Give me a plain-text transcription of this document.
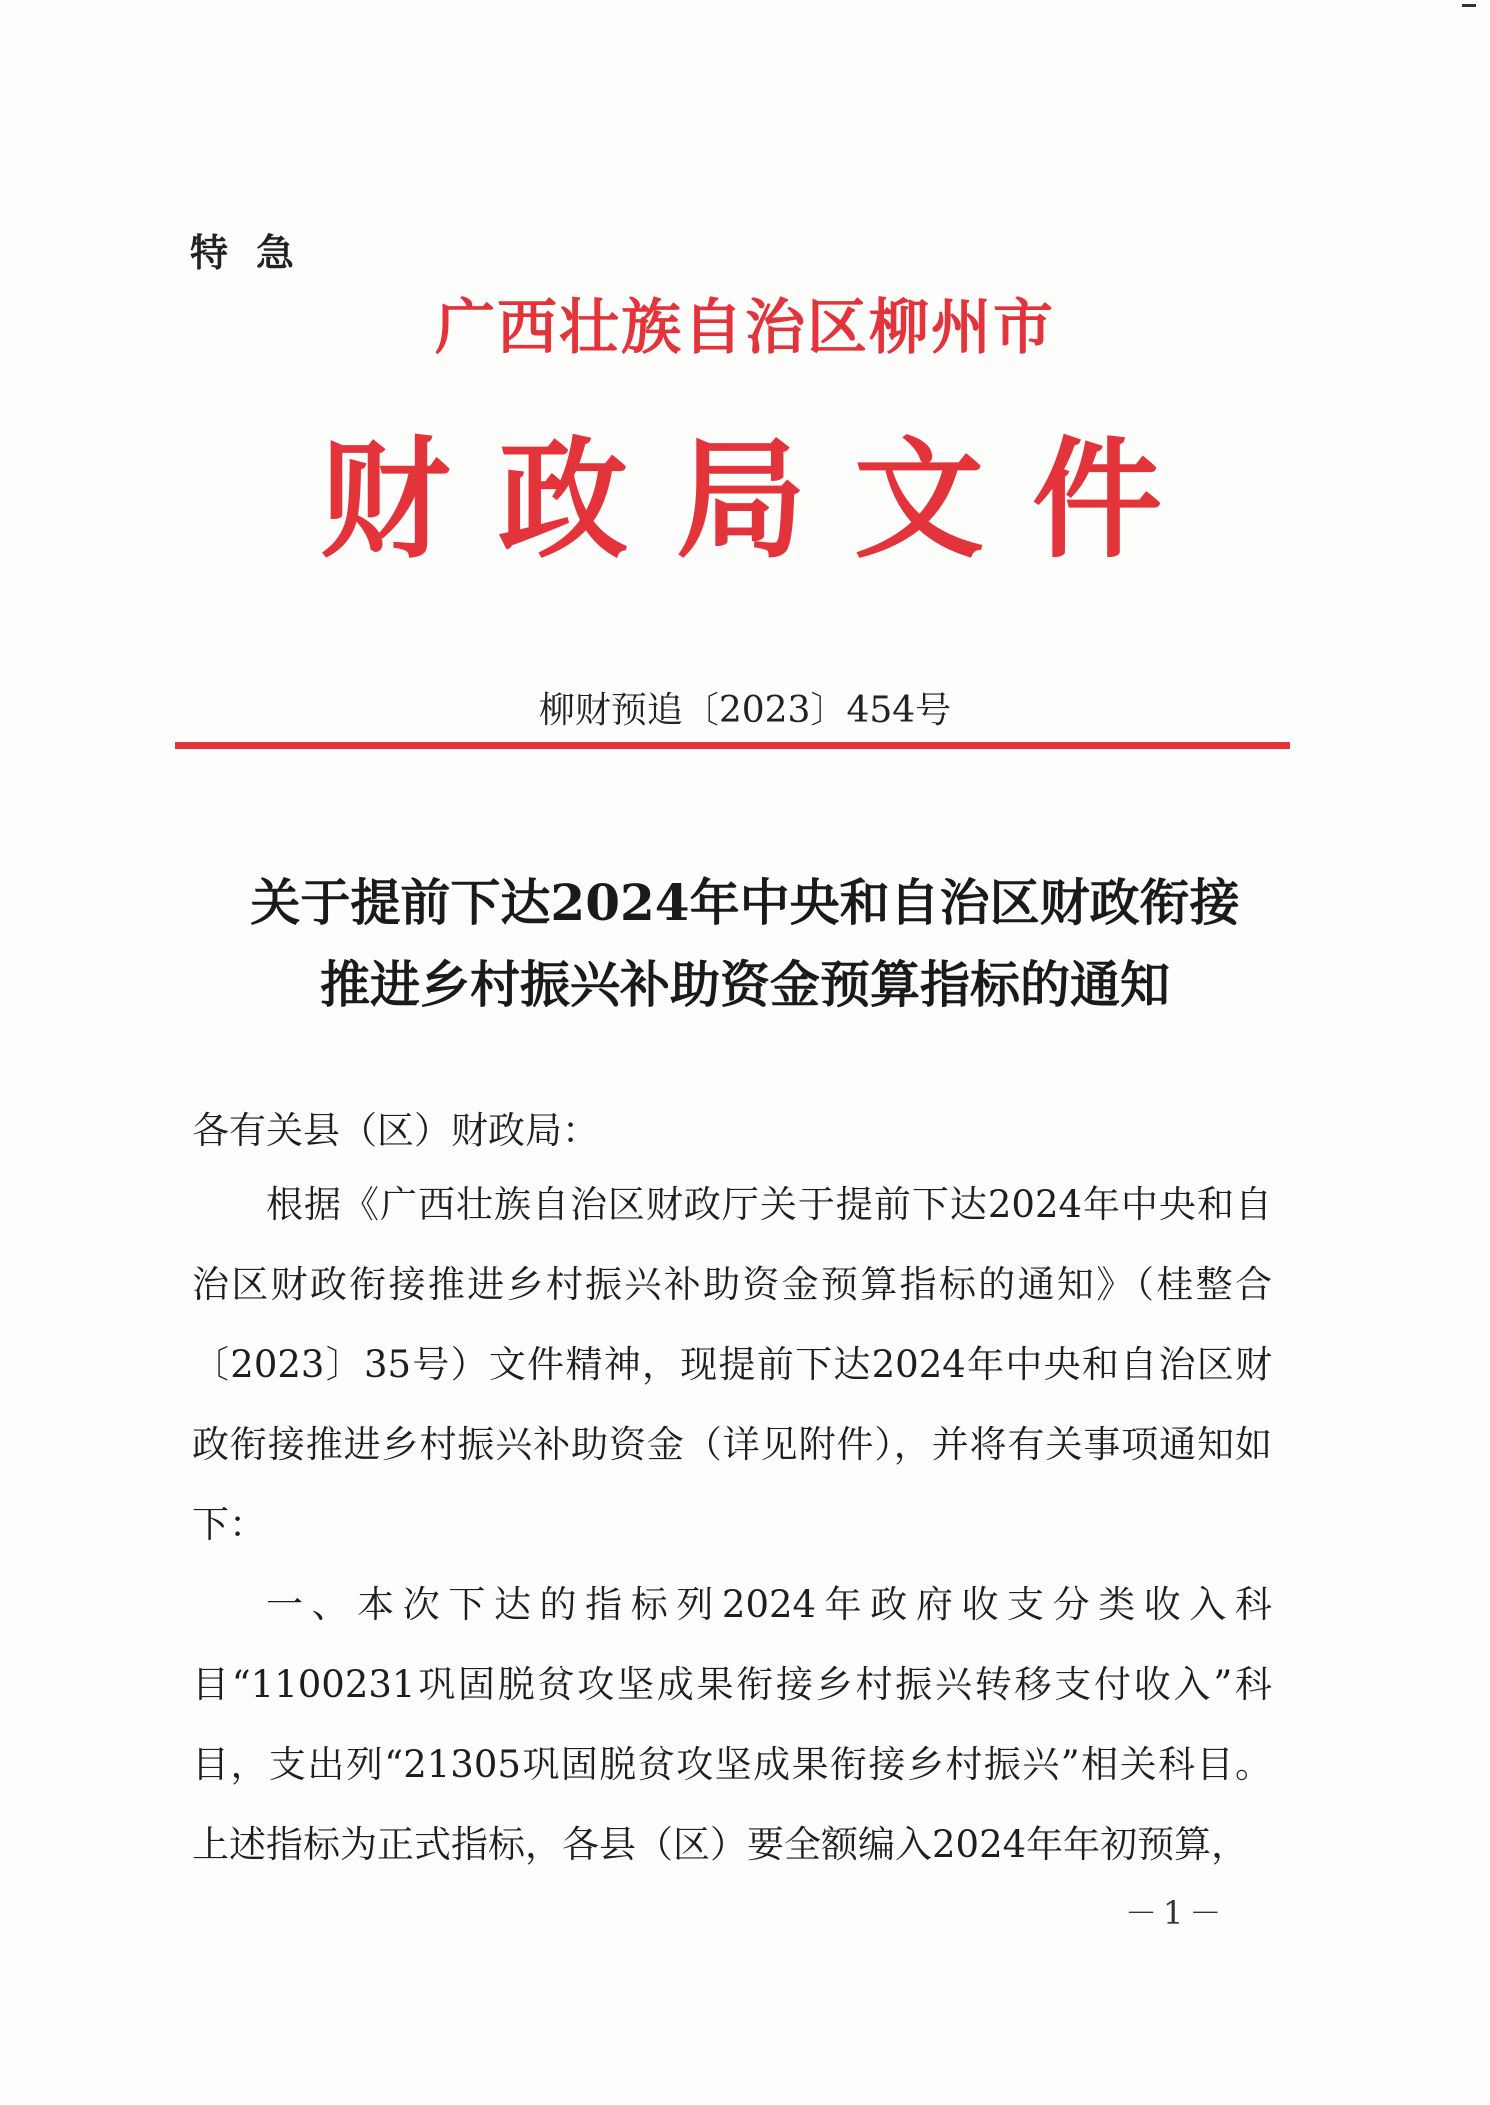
特急
广西壮族自治区柳州市
财政局文件
柳财预追〔2023〕454号
关于提前下达2024年中央和自治区财政衔接
推进乡村振兴补助资金预算指标的通知
各有关县（区）财政局：

根据《广西壮族自治区财政厅关于提前下达2024年中央和自治区财政衔接推进乡村振兴补助资金预算指标的通知》（桂整合〔2023〕35号）文件精神，现提前下达2024年中央和自治区财政衔接推进乡村振兴补助资金（详见附件），并将有关事项通知如下：

一、本次下达的指标列2024年政府收支分类收入科目“1100231巩固脱贫攻坚成果衔接乡村振兴转移支付收入”科目，支出列“21305巩固脱贫攻坚成果衔接乡村振兴”相关科目。上述指标为正式指标，各县（区）要全额编入2024年年初预算，

－1－
